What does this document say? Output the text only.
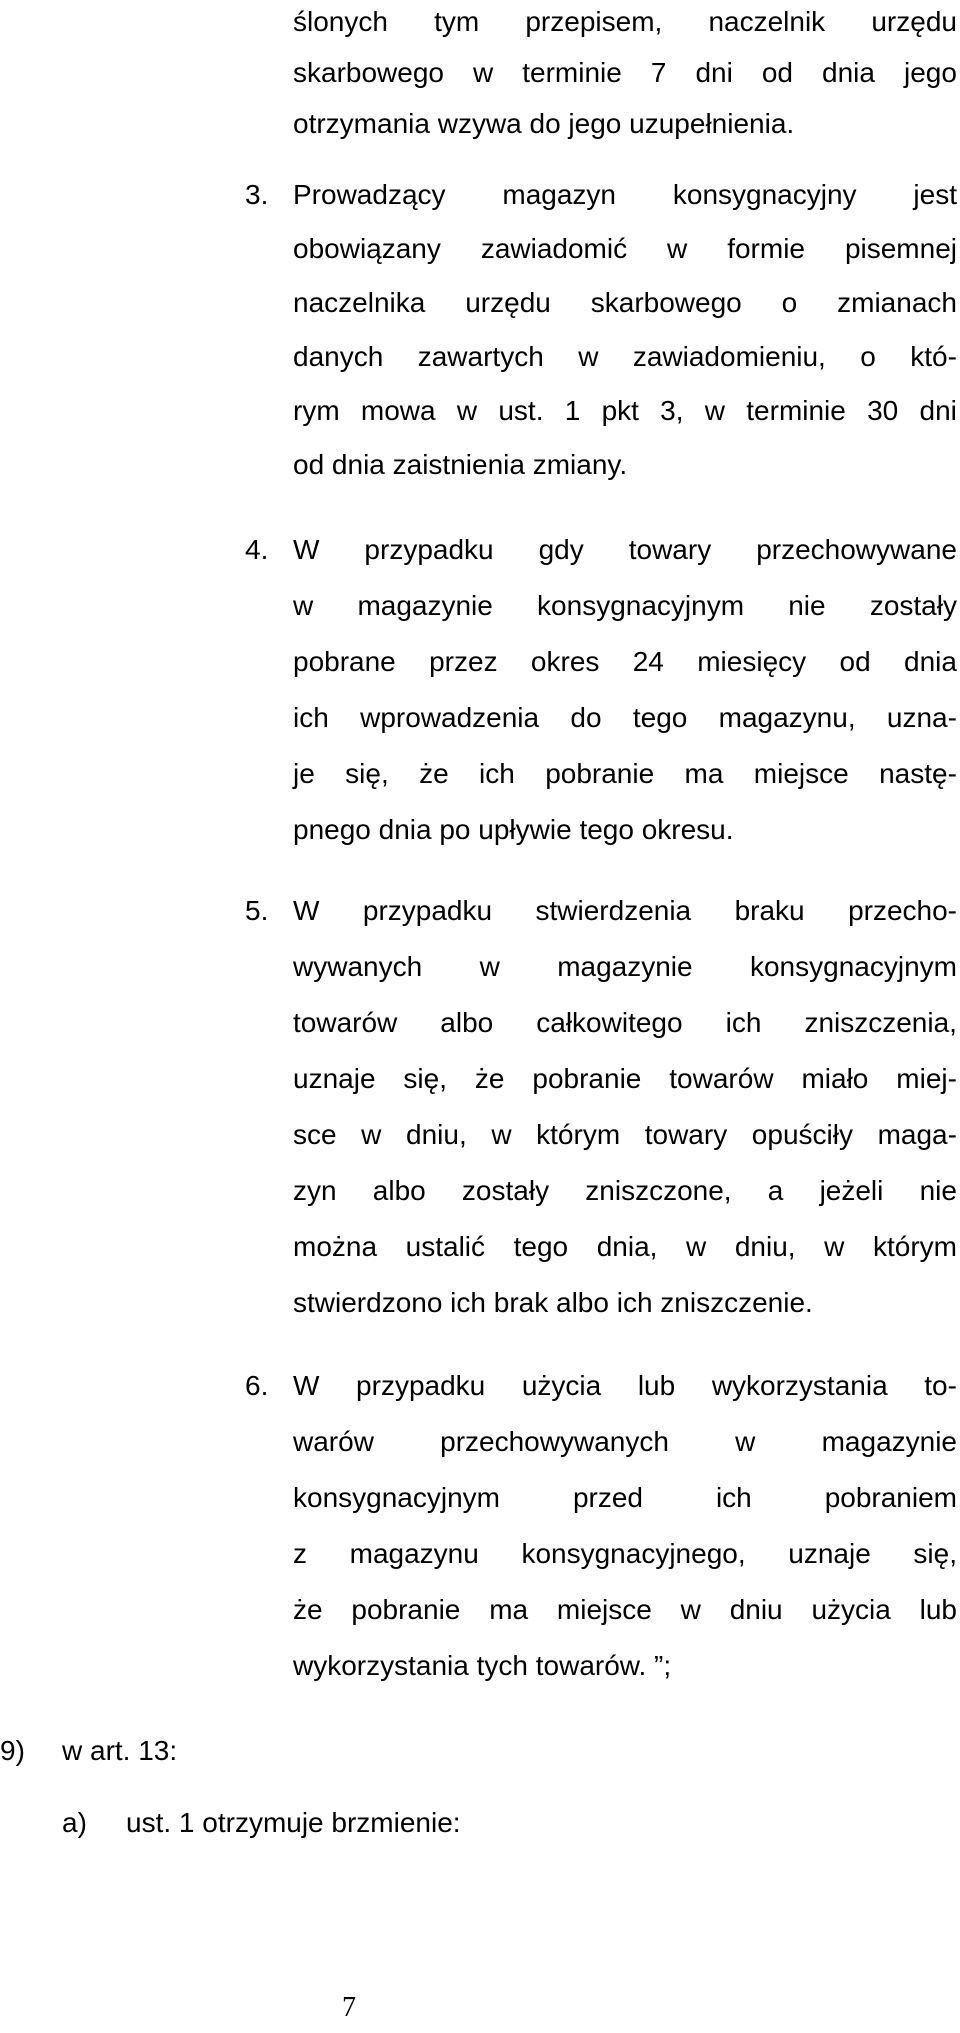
ślonych tym przepisem, naczelnik urzędu
skarbowego w terminie 7 dni od dnia jego
otrzymania wzywa do jego uzupełnienia.
3. Prowadzący magazyn konsygnacyjny jest
obowiązany zawiadomić w formie pisemnej
naczelnika urzędu skarbowego o zmianach
danych zawartych w zawiadomieniu, o któ-
rym mowa w ust. 1 pkt 3, w terminie 30 dni
od dnia zaistnienia zmiany.
4. W przypadku gdy towary przechowywane
w magazynie konsygnacyjnym nie zostały
pobrane przez okres 24 miesięcy od dnia
ich wprowadzenia do tego magazynu, uzna-
je się, że ich pobranie ma miejsce nastę-
pnego dnia po upływie tego okresu.
5. W przypadku stwierdzenia braku przecho-
wywanych w magazynie konsygnacyjnym
towarów albo całkowitego ich zniszczenia,
uznaje się, że pobranie towarów miało miej-
sce w dniu, w którym towary opuściły maga-
zyn albo zostały zniszczone, a jeżeli nie
można ustalić tego dnia, w dniu, w którym
stwierdzono ich brak albo ich zniszczenie.
6. W przypadku użycia lub wykorzystania to-
warów przechowywanych w magazynie
konsygnacyjnym	przed	ich	pobraniem
z magazynu konsygnacyjnego, uznaje się,
że pobranie ma miejsce w dniu użycia lub
wykorzystania tych towarów. ”;
9) w art. 13:
a) ust. 1 otrzymuje brzmienie:
7
